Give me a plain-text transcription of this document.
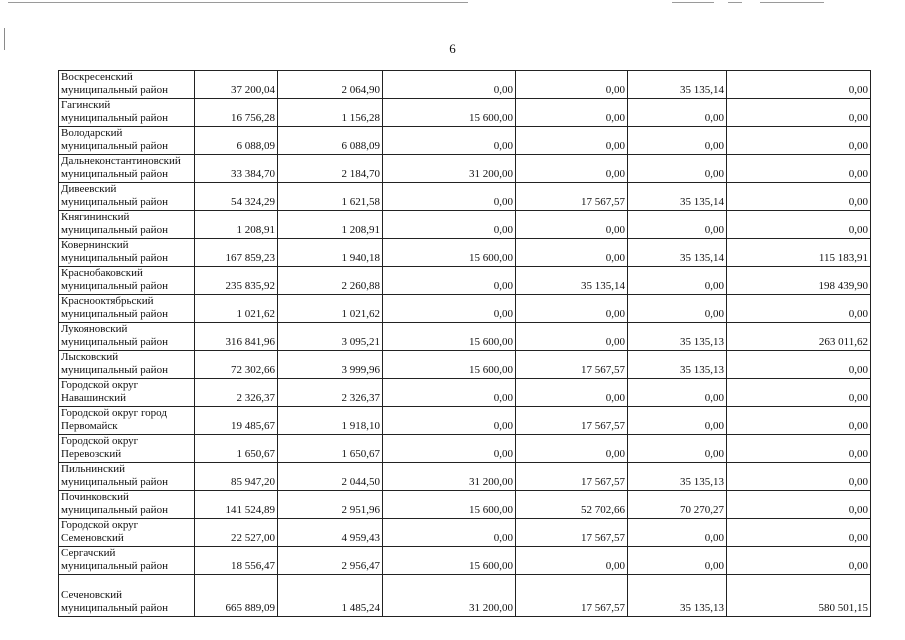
6
Воскресенский
муниципальный район	37 200,04	2 064,90	0,00	0,00	35 135,14	0,00

Гагинский
муниципальный район	16 756,28	1 156,28	15 600,00	0,00	0,00	0,00

Володарский
муниципальный район	6 088,09	6 088,09	0,00	0,00	0,00	0,00

Дальнеконстантиновский
муниципальный район	33 384,70	2 184,70	31 200,00	0,00	0,00	0,00

Дивеевский
муниципальный район	54 324,29	1 621,58	0,00	17 567,57	35 135,14	0,00

Княгининский
муниципальный район	1 208,91	1 208,91	0,00	0,00	0,00	0,00

Ковернинский
муниципальный район	167 859,23	1 940,18	15 600,00	0,00	35 135,14	115 183,91

Краснобаковский
муниципальный район	235 835,92	2 260,88	0,00	35 135,14	0,00	198 439,90

Краснооктябрьский
муниципальный район	1 021,62	1 021,62	0,00	0,00	0,00	0,00

Лукояновский
муниципальный район	316 841,96	3 095,21	15 600,00	0,00	35 135,13	263 011,62

Лысковский
муниципальный район	72 302,66	3 999,96	15 600,00	17 567,57	35 135,13	0,00

Городской округ
Навашинский	2 326,37	2 326,37	0,00	0,00	0,00	0,00

Городской округ город
Первомайск	19 485,67	1 918,10	0,00	17 567,57	0,00	0,00

Городской округ
Перевозский	1 650,67	1 650,67	0,00	0,00	0,00	0,00

Пильнинский
муниципальный район	85 947,20	2 044,50	31 200,00	17 567,57	35 135,13	0,00

Починковский
муниципальный район	141 524,89	2 951,96	15 600,00	52 702,66	70 270,27	0,00

Городской округ
Семеновский	22 527,00	4 959,43	0,00	17 567,57	0,00	0,00

Сергачский
муниципальный район	18 556,47	2 956,47	15 600,00	0,00	0,00	0,00

Сеченовский
муниципальный район	665 889,09	1 485,24	31 200,00	17 567,57	35 135,13	580 501,15
